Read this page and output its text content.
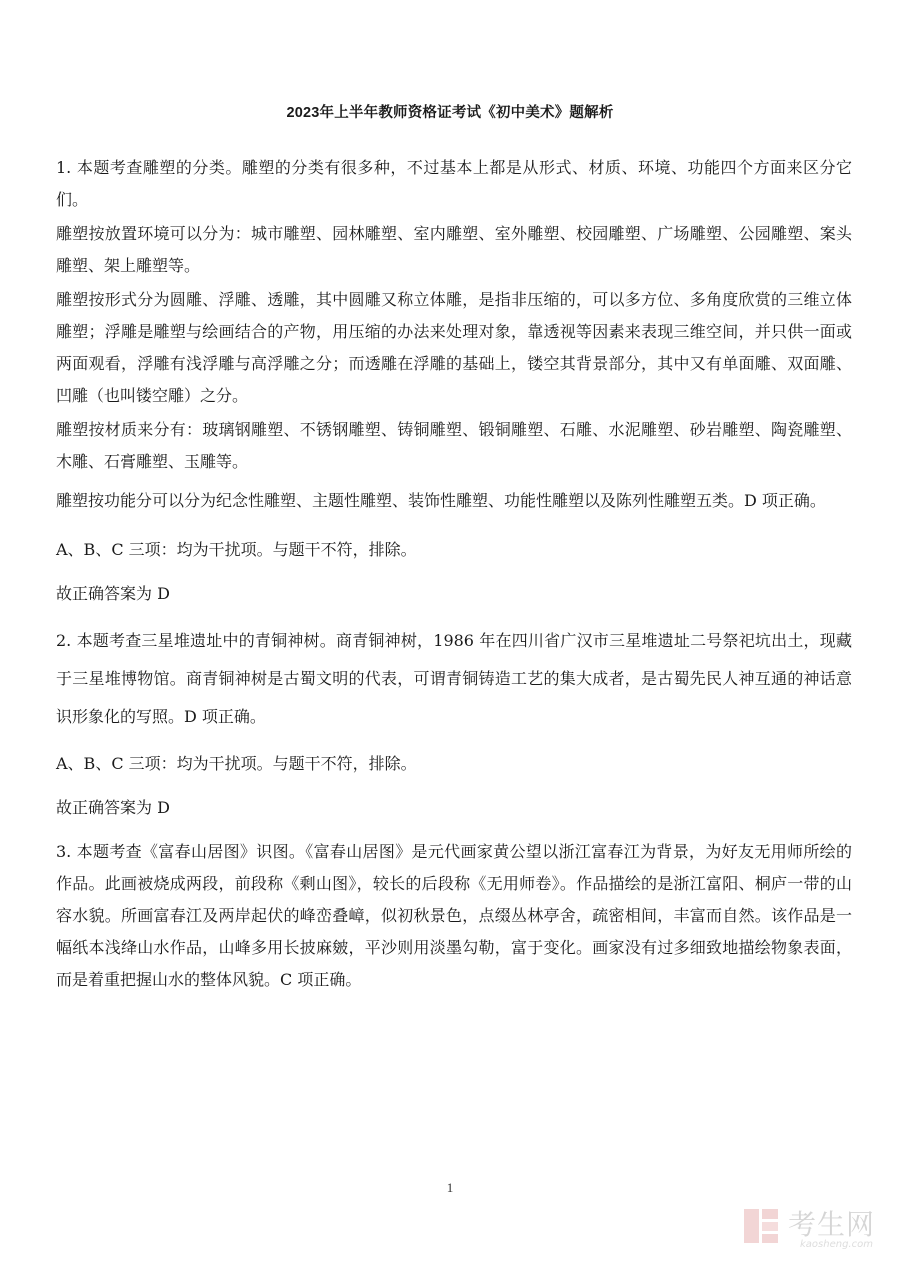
2023年上半年教师资格证考试《初中美术》题解析

1. 本题考查雕塑的分类。雕塑的分类有很多种，不过基本上都是从形式、材质、环境、功能四个方面来区分它们。

雕塑按放置环境可以分为：城市雕塑、园林雕塑、室内雕塑、室外雕塑、校园雕塑、广场雕塑、公园雕塑、案头雕塑、架上雕塑等。

雕塑按形式分为圆雕、浮雕、透雕，其中圆雕又称立体雕，是指非压缩的，可以多方位、多角度欣赏的三维立体雕塑；浮雕是雕塑与绘画结合的产物，用压缩的办法来处理对象，靠透视等因素来表现三维空间，并只供一面或两面观看，浮雕有浅浮雕与高浮雕之分；而透雕在浮雕的基础上，镂空其背景部分，其中又有单面雕、双面雕、凹雕（也叫镂空雕）之分。

雕塑按材质来分有：玻璃钢雕塑、不锈钢雕塑、铸铜雕塑、锻铜雕塑、石雕、水泥雕塑、砂岩雕塑、陶瓷雕塑、木雕、石膏雕塑、玉雕等。

雕塑按功能分可以分为纪念性雕塑、主题性雕塑、装饰性雕塑、功能性雕塑以及陈列性雕塑五类。D 项正确。

A、B、C 三项：均为干扰项。与题干不符，排除。

故正确答案为 D

2. 本题考查三星堆遗址中的青铜神树。商青铜神树，1986 年在四川省广汉市三星堆遗址二号祭祀坑出土，现藏于三星堆博物馆。商青铜神树是古蜀文明的代表，可谓青铜铸造工艺的集大成者，是古蜀先民人神互通的神话意识形象化的写照。D 项正确。

A、B、C 三项：均为干扰项。与题干不符，排除。

故正确答案为 D

3. 本题考查《富春山居图》识图。《富春山居图》是元代画家黄公望以浙江富春江为背景，为好友无用师所绘的作品。此画被烧成两段，前段称《剩山图》，较长的后段称《无用师卷》。作品描绘的是浙江富阳、桐庐一带的山容水貌。所画富春江及两岸起伏的峰峦叠嶂，似初秋景色，点缀丛林亭舍，疏密相间，丰富而自然。该作品是一幅纸本浅绛山水作品，山峰多用长披麻皴，平沙则用淡墨勾勒，富于变化。画家没有过多细致地描绘物象表面，而是着重把握山水的整体风貌。C 项正确。

1
考生网
kaosheng.com
